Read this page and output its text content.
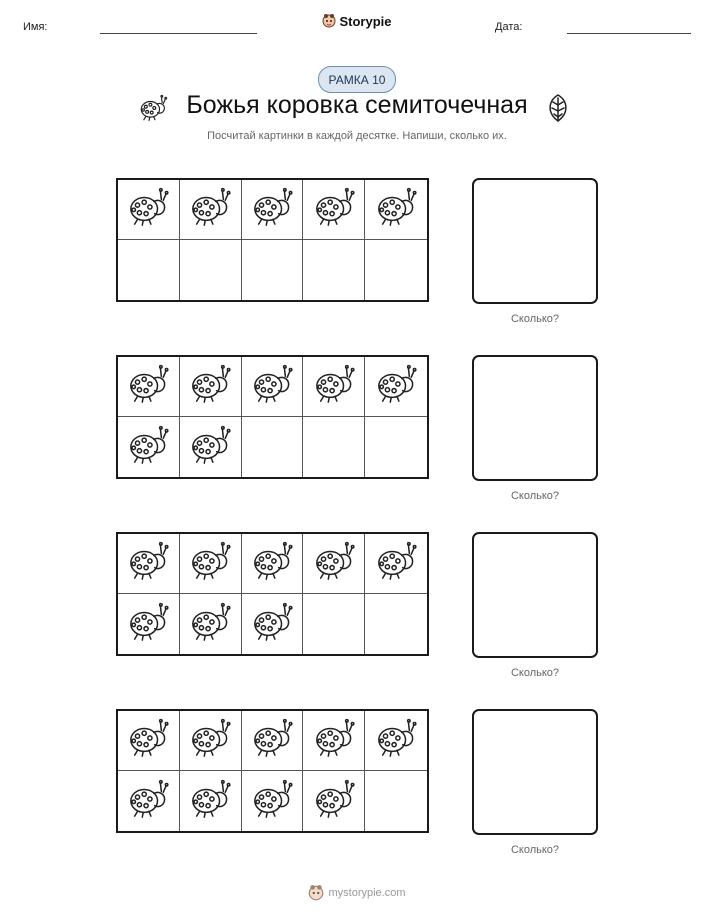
Имя:	Storypie	Дата:
РАМКА 10
Божья коровка семиточечная
Посчитай картинки в каждой десятке. Напиши, сколько их.
Сколько?
Сколько?
Сколько?
Сколько?
mystorypie.com
